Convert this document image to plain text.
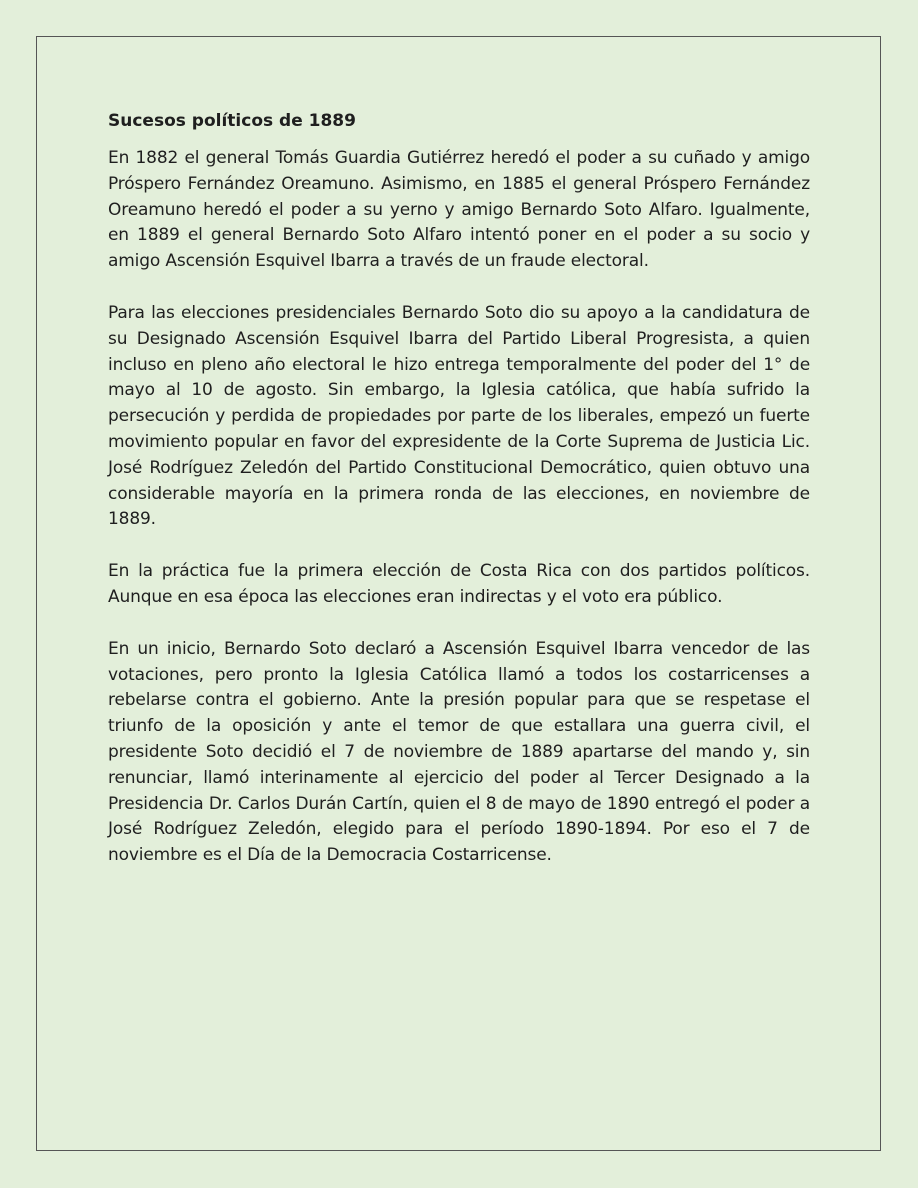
Sucesos políticos de 1889

En 1882 el general Tomás Guardia Gutiérrez heredó el poder a su cuñado y amigo Próspero Fernández Oreamuno. Asimismo, en 1885 el general Próspero Fernández Oreamuno heredó el poder a su yerno y amigo Bernardo Soto Alfaro. Igualmente, en 1889 el general Bernardo Soto Alfaro intentó poner en el poder a su socio y amigo Ascensión Esquivel Ibarra a través de un fraude electoral.

Para las elecciones presidenciales Bernardo Soto dio su apoyo a la candidatura de su Designado Ascensión Esquivel Ibarra del Partido Liberal Progresista, a quien incluso en pleno año electoral le hizo entrega temporalmente del poder del 1° de mayo al 10 de agosto. Sin embargo, la Iglesia católica, que había sufrido la persecución y perdida de propiedades por parte de los liberales, empezó un fuerte movimiento popular en favor del expresidente de la Corte Suprema de Justicia Lic. José Rodríguez Zeledón del Partido Constitucional Democrático, quien obtuvo una considerable mayoría en la primera ronda de las elecciones, en noviembre de 1889.

En la práctica fue la primera elección de Costa Rica con dos partidos políticos. Aunque en esa época las elecciones eran indirectas y el voto era público.

En un inicio, Bernardo Soto declaró a Ascensión Esquivel Ibarra vencedor de las votaciones, pero pronto la Iglesia Católica llamó a todos los costarricenses a rebelarse contra el gobierno. Ante la presión popular para que se respetase el triunfo de la oposición y ante el temor de que estallara una guerra civil, el presidente Soto decidió el 7 de noviembre de 1889 apartarse del mando y, sin renunciar, llamó interinamente al ejercicio del poder al Tercer Designado a la Presidencia Dr. Carlos Durán Cartín, quien el 8 de mayo de 1890 entregó el poder a José Rodríguez Zeledón, elegido para el período 1890-1894. Por eso el 7 de noviembre es el Día de la Democracia Costarricense.
